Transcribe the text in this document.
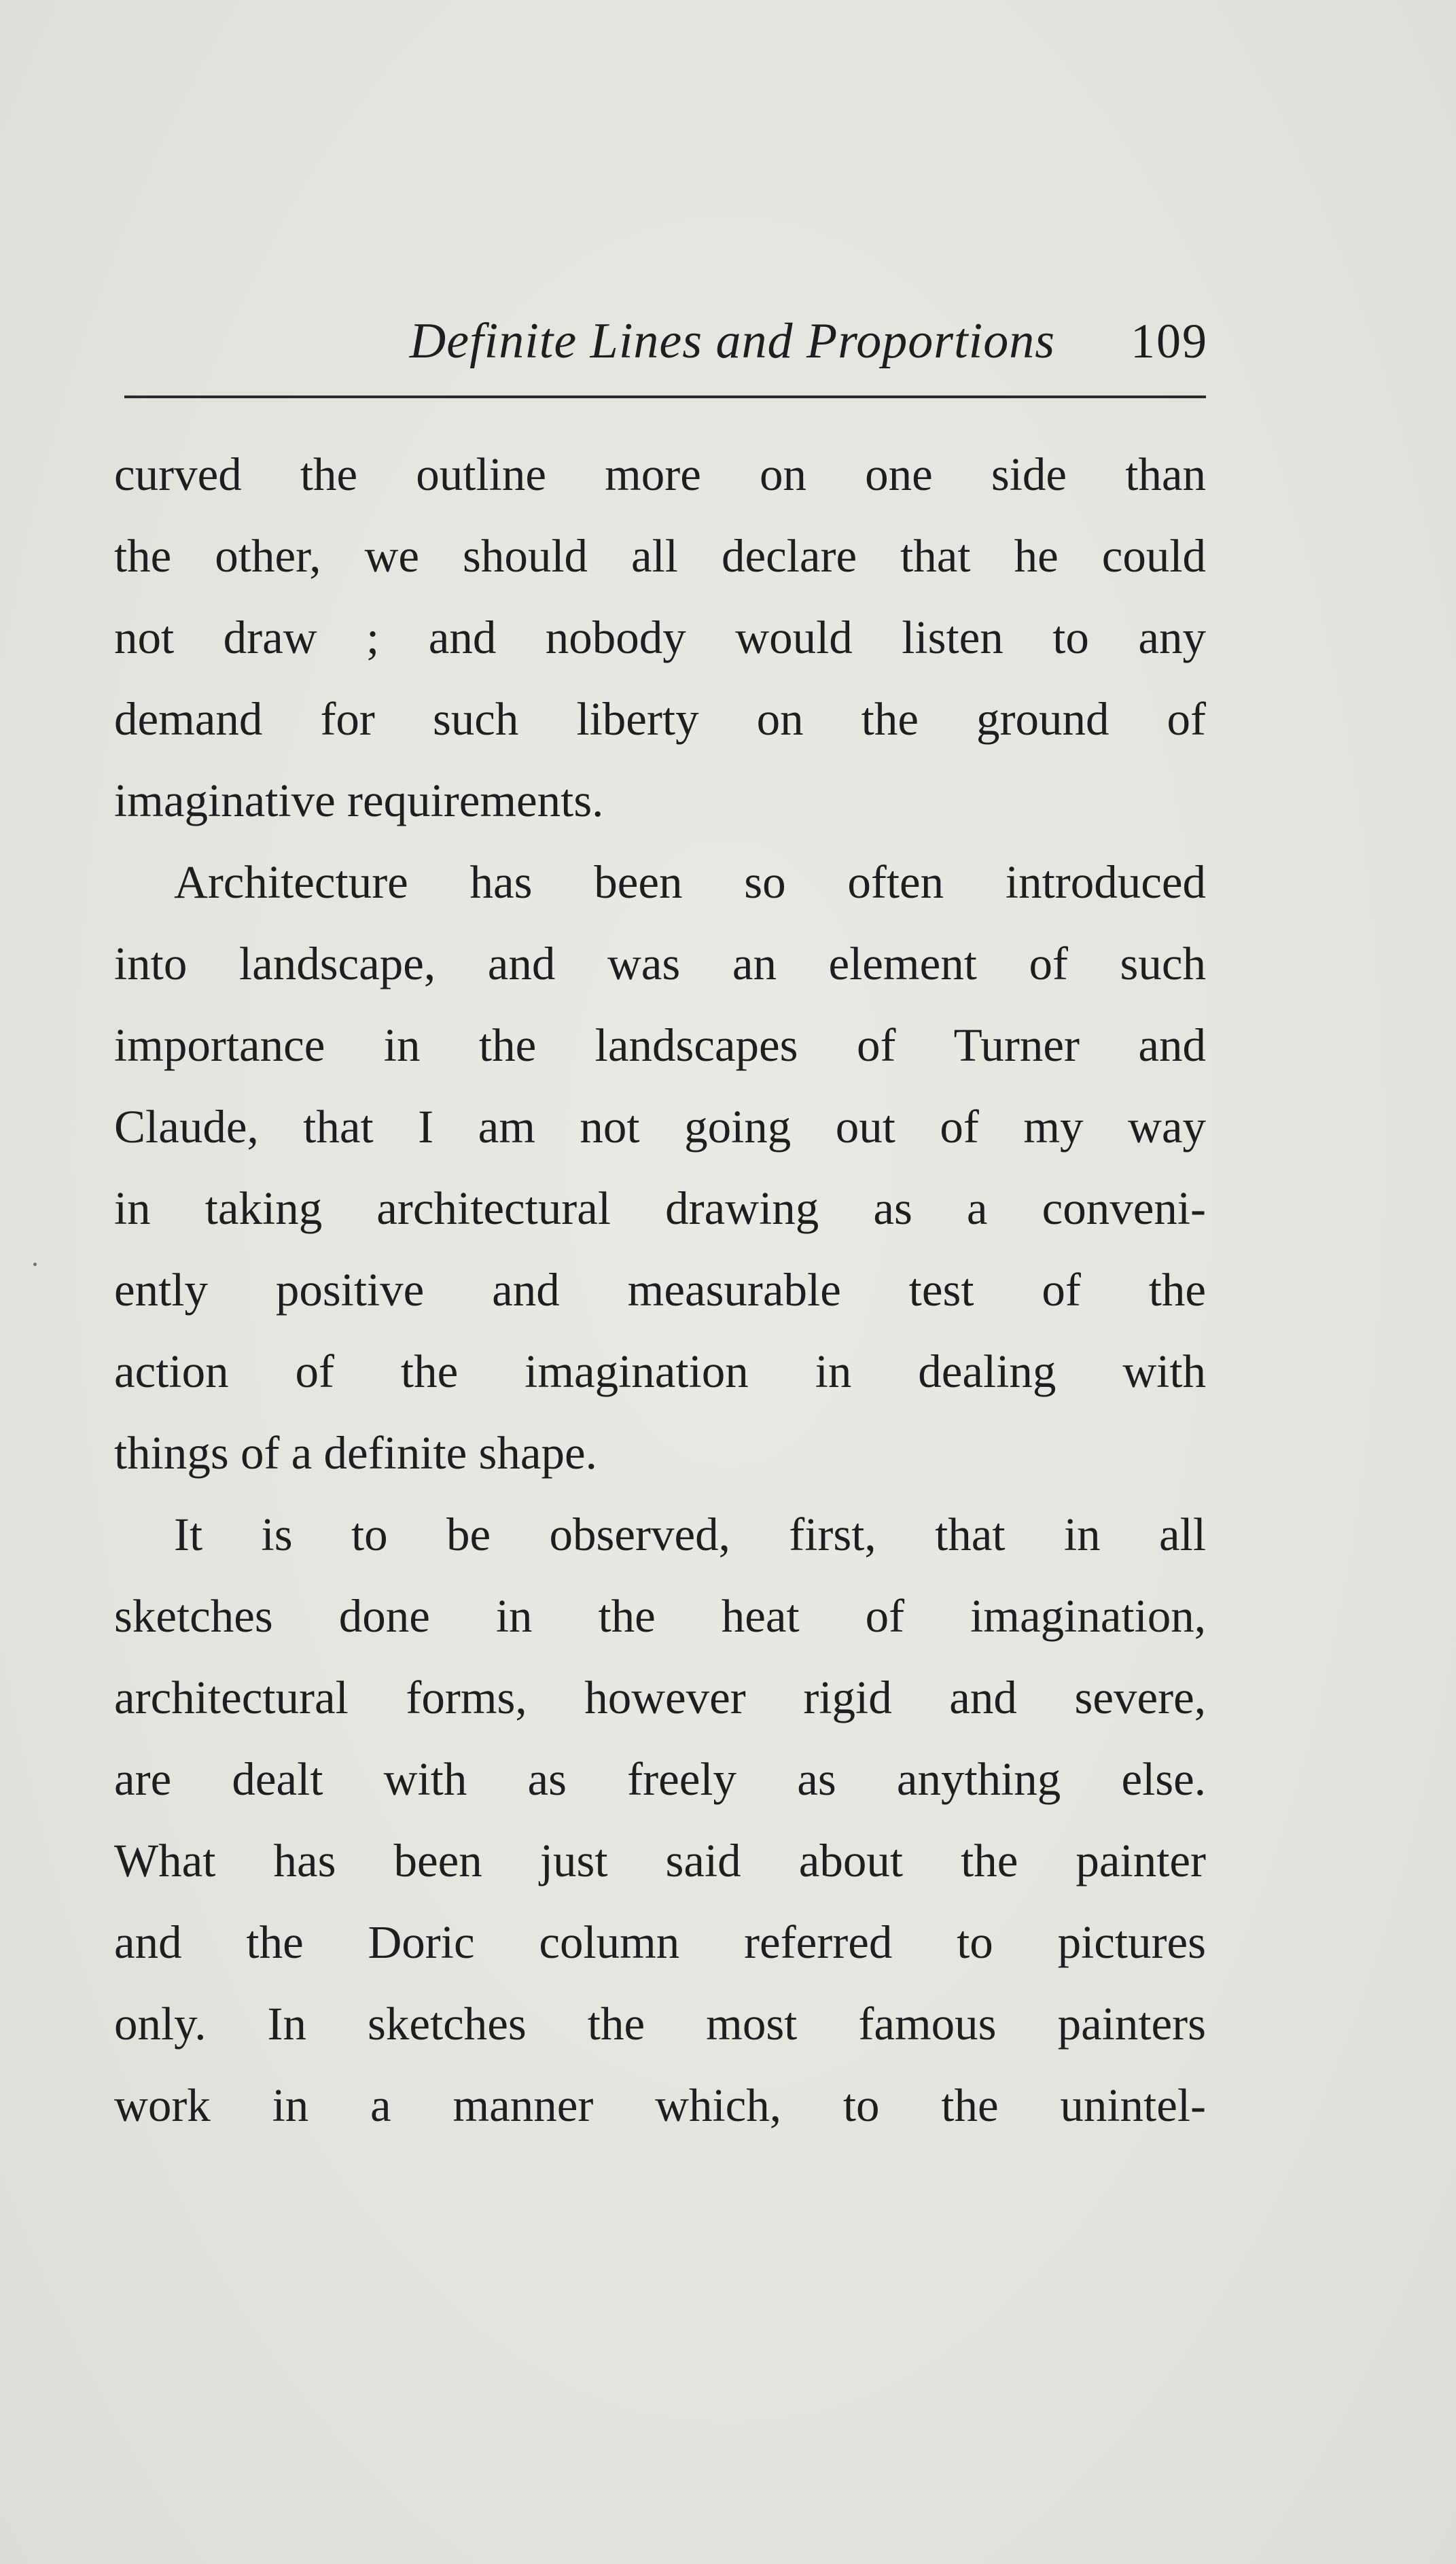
Definite Lines and Proportions 109
curved the outline more on one side than
the other, we should all declare that he could
not draw ; and nobody would listen to any
demand for such liberty on the ground of
imaginative requirements.
Architecture has been so often introduced
into landscape, and was an element of such
importance in the landscapes of Turner and
Claude, that I am not going out of my way
in taking architectural drawing as a conveni-
ently positive and measurable test of the
action of the imagination in dealing with
things of a definite shape.
It is to be observed, first, that in all
sketches done in the heat of imagination,
architectural forms, however rigid and severe,
are dealt with as freely as anything else.
What has been just said about the painter
and the Doric column referred to pictures
only. In sketches the most famous painters
work in a manner which, to the unintel-
